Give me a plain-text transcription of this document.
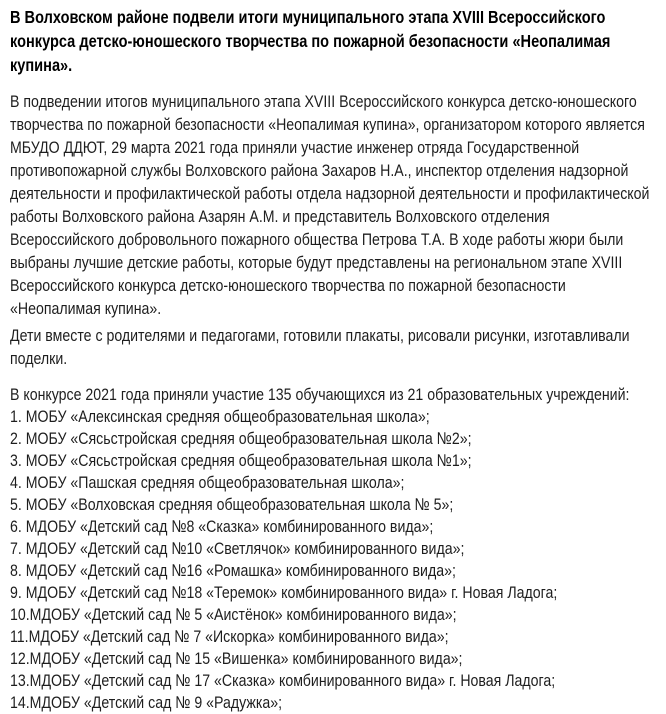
В Волховском районе подвели итоги муниципального этапа XVIII Всероссийского конкурса детско-юношеского творчества по пожарной безопасности «Неопалимая купина».

В подведении итогов муниципального этапа XVIII Всероссийского конкурса детско-юношеского творчества по пожарной безопасности «Неопалимая купина», организатором которого является МБУДО ДДЮТ, 29 марта 2021 года приняли участие инженер отряда Государственной противопожарной службы Волховского района Захаров Н.А., инспектор отделения надзорной деятельности и профилактической работы отдела надзорной деятельности и профилактической работы Волховского района Азарян А.М. и представитель Волховского отделения Всероссийского добровольного пожарного общества Петрова Т.А. В ходе работы жюри были выбраны лучшие детские работы, которые будут представлены на региональном этапе XVIII Всероссийского конкурса детско-юношеского творчества по пожарной безопасности «Неопалимая купина».

Дети вместе с родителями и педагогами, готовили плакаты, рисовали рисунки, изготавливали поделки.

В конкурсе 2021 года приняли участие 135 обучающихся из 21 образовательных учреждений:

1. МОБУ «Алексинская средняя общеобразовательная школа»;
2. МОБУ «Сясьстройская средняя общеобразовательная школа №2»;
3. МОБУ «Сясьстройская средняя общеобразовательная школа №1»;
4. МОБУ «Пашская средняя общеобразовательная школа»;
5. МОБУ «Волховская средняя общеобразовательная школа № 5»;
6. МДОБУ «Детский сад №8 «Сказка» комбинированного вида»;
7. МДОБУ «Детский сад №10 «Светлячок» комбинированного вида»;
8. МДОБУ «Детский сад №16 «Ромашка» комбинированного вида»;
9. МДОБУ «Детский сад №18 «Теремок» комбинированного вида» г. Новая Ладога;
10.МДОБУ «Детский сад № 5 «Аистёнок» комбинированного вида»;
11.МДОБУ «Детский сад № 7 «Искорка» комбинированного вида»;
12.МДОБУ «Детский сад № 15 «Вишенка» комбинированного вида»;
13.МДОБУ «Детский сад № 17 «Сказка» комбинированного вида» г. Новая Ладога;
14.МДОБУ «Детский сад № 9 «Радужка»;
